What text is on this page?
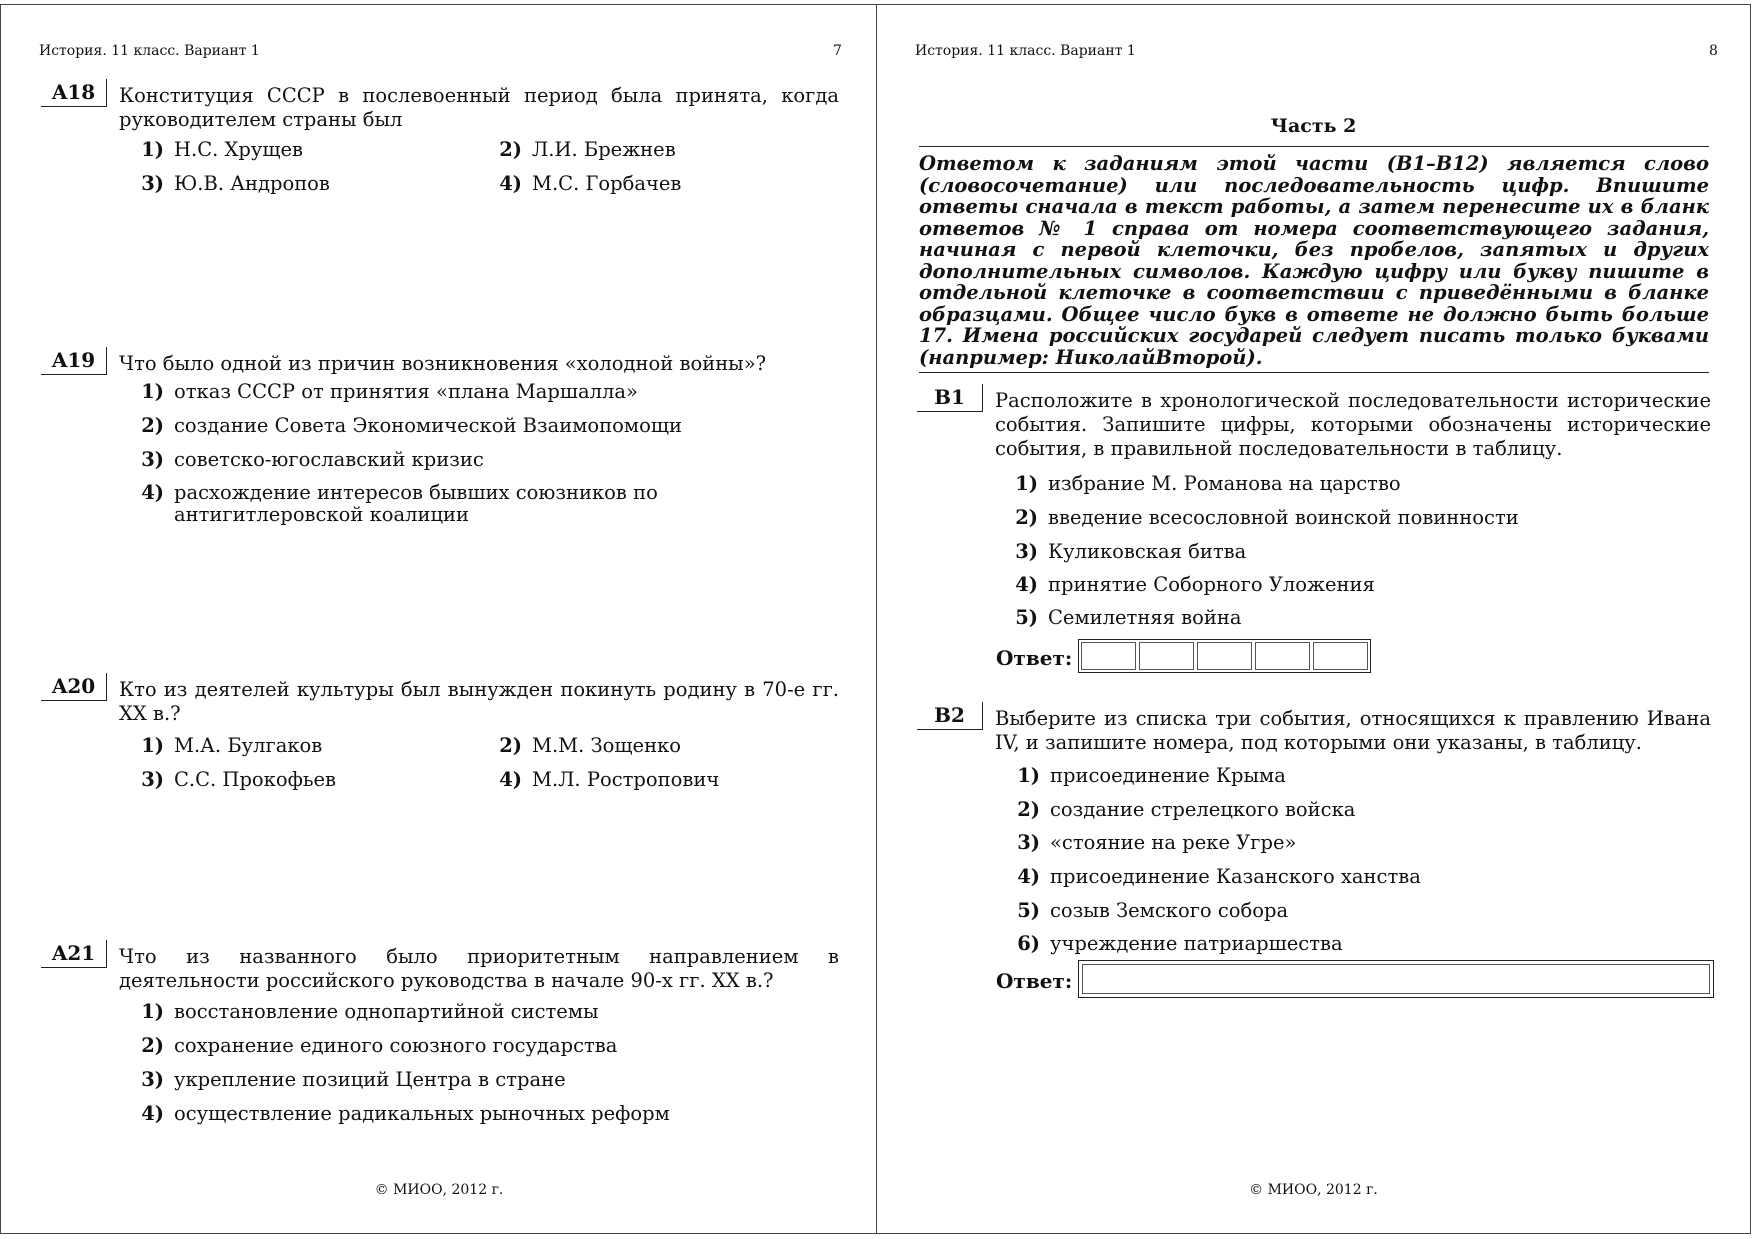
История. 11 класс. Вариант 1	7
A18	Конституция СССР в послевоенный период была принята, когда руководителем страны был
1) Н.С. Хрущев	2) Л.И. Брежнев
3) Ю.В. Андропов	4) М.С. Горбачев
A19	Что было одной из причин возникновения «холодной войны»?
1) отказ СССР от принятия «плана Маршалла»
2) создание Совета Экономической Взаимопомощи
3) советско-югославский кризис
4) расхождение интересов бывших союзников по антигитлеровской коалиции
A20	Кто из деятелей культуры был вынужден покинуть родину в 70-е гг. XX в.?
1) М.А. Булгаков	2) М.М. Зощенко
3) С.С. Прокофьев	4) М.Л. Ростропович
A21	Что из названного было приоритетным направлением в деятельности российского руководства в начале 90-х гг. XX в.?
1) восстановление однопартийной системы
2) сохранение единого союзного государства
3) укрепление позиций Центра в стране
4) осуществление радикальных рыночных реформ
© МИОО, 2012 г.
История. 11 класс. Вариант 1	8
Часть 2
Ответом к заданиям этой части (В1–В12) является слово (словосочетание) или последовательность цифр. Впишите ответы сначала в текст работы, а затем перенесите их в бланк ответов № 1 справа от номера соответствующего задания, начиная с первой клеточки, без пробелов, запятых и других дополнительных символов. Каждую цифру или букву пишите в отдельной клеточке в соответствии с приведёнными в бланке образцами. Общее число букв в ответе не должно быть больше 17. Имена российских государей следует писать только буквами (например: НиколайВторой).
B1	Расположите в хронологической последовательности исторические события. Запишите цифры, которыми обозначены исторические события, в правильной последовательности в таблицу.
1) избрание М. Романова на царство
2) введение всесословной воинской повинности
3) Куликовская битва
4) принятие Соборного Уложения
5) Семилетняя война
Ответ:
B2	Выберите из списка три события, относящихся к правлению Ивана IV, и запишите номера, под которыми они указаны, в таблицу.
1) присоединение Крыма
2) создание стрелецкого войска
3) «стояние на реке Угре»
4) присоединение Казанского ханства
5) созыв Земского собора
6) учреждение патриаршества
Ответ:
© МИОО, 2012 г.
